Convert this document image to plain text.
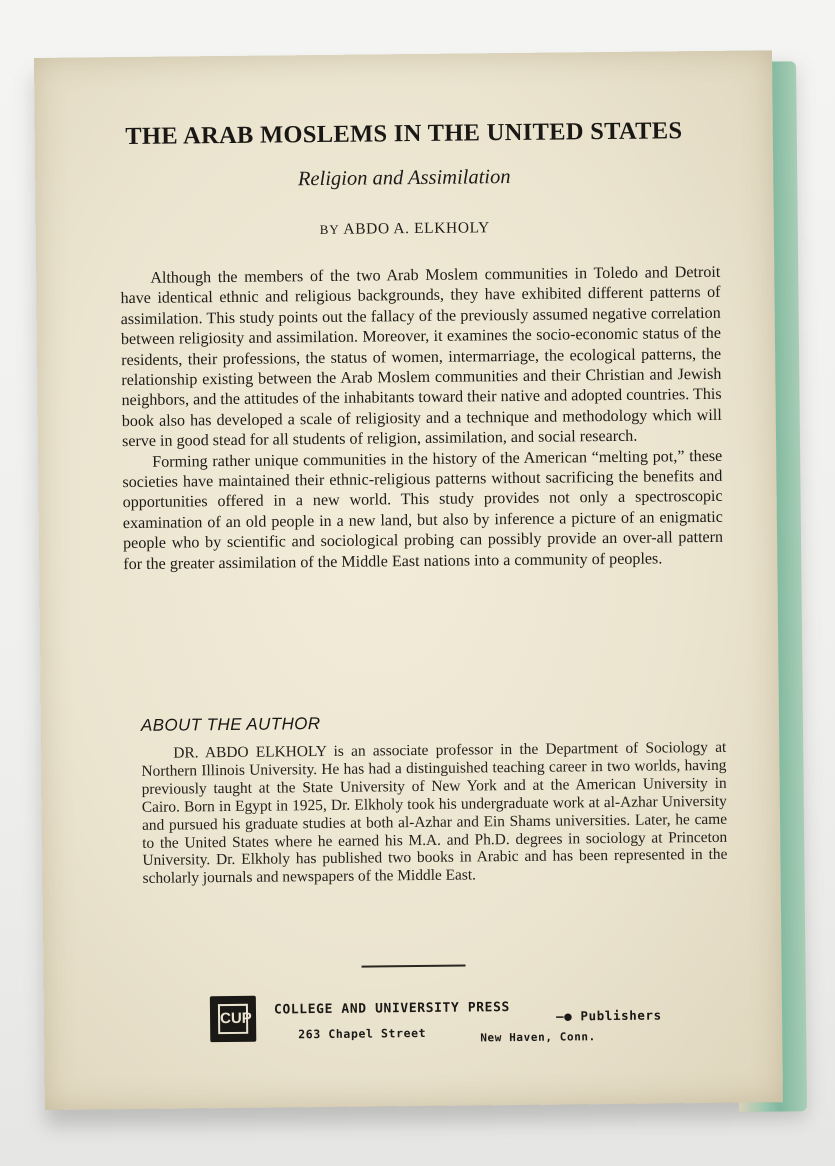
THE ARAB MOSLEMS IN THE UNITED STATES
Religion and Assimilation
BY ABDO A. ELKHOLY

Although the members of the two Arab Moslem communities in Toledo and Detroit have identical ethnic and religious backgrounds, they have exhibited different patterns of assimilation. This study points out the fallacy of the previously assumed negative correlation between religiosity and assimilation. Moreover, it examines the socio-economic status of the residents, their professions, the status of women, intermarriage, the ecological patterns, the relationship existing between the Arab Moslem communities and their Christian and Jewish neighbors, and the attitudes of the inhabitants toward their native and adopted countries. This book also has developed a scale of religiosity and a technique and methodology which will serve in good stead for all students of religion, assimilation, and social research.

Forming rather unique communities in the history of the American “melting pot,” these societies have maintained their ethnic-religious patterns without sacrificing the benefits and opportunities offered in a new world. This study provides not only a spectroscopic examination of an old people in a new land, but also by inference a picture of an enigmatic people who by scientific and sociological probing can possibly provide an over-all pattern for the greater assimilation of the Middle East nations into a community of peoples.

ABOUT THE AUTHOR

DR. ABDO ELKHOLY is an associate professor in the Department of Sociology at Northern Illinois University. He has had a distinguished teaching career in two worlds, having previously taught at the State University of New York and at the American University in Cairo. Born in Egypt in 1925, Dr. Elkholy took his undergraduate work at al-Azhar University and pursued his graduate studies at both al-Azhar and Ein Shams universities. Later, he came to the United States where he earned his M.A. and Ph.D. degrees in sociology at Princeton University. Dr. Elkholy has published two books in Arabic and has been represented in the scholarly journals and newspapers of the Middle East.

CUP
COLLEGE AND UNIVERSITY PRESS	—● Publishers
263 Chapel Street	New Haven, Conn.
